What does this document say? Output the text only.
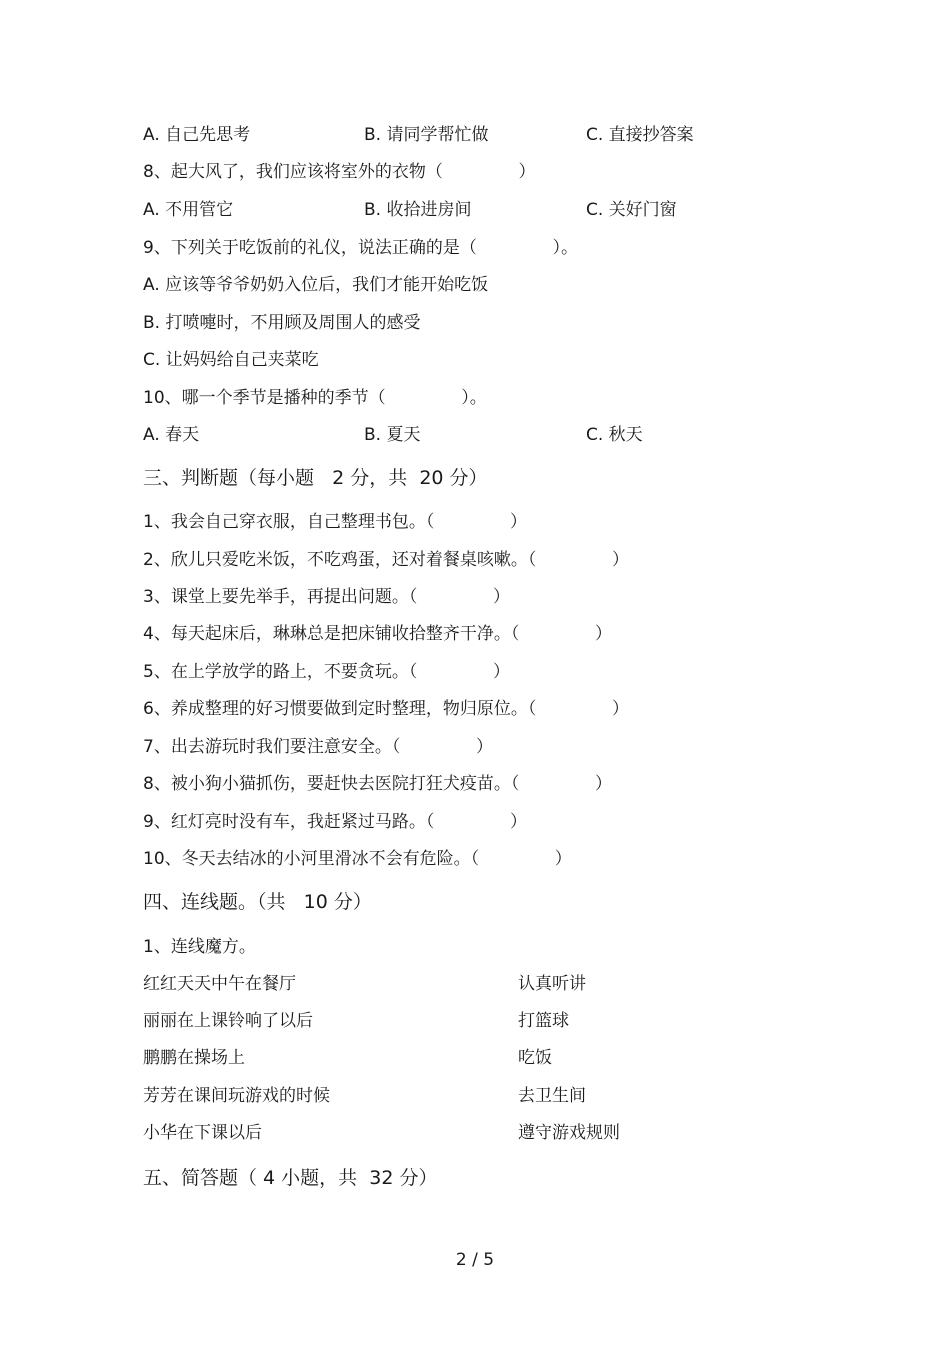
A. 自己先思考	B. 请同学帮忙做	C. 直接抄答案
8、起大风了，我们应该将室外的衣物（              ）
A. 不用管它	B. 收拾进房间	C. 关好门窗
9、下列关于吃饭前的礼仪，说法正确的是（              ）。
A. 应该等爷爷奶奶入位后，我们才能开始吃饭
B. 打喷嚏时，不用顾及周围人的感受
C. 让妈妈给自己夹菜吃
10、哪一个季节是播种的季节（              ）。
A. 春天	B. 夏天	C. 秋天
三、判断题（每小题   2 分，共  20 分）
1、我会自己穿衣服，自己整理书包。（              ）
2、欣儿只爱吃米饭，不吃鸡蛋，还对着餐桌咳嗽。（              ）
3、课堂上要先举手，再提出问题。（              ）
4、每天起床后，琳琳总是把床铺收拾整齐干净。（              ）
5、在上学放学的路上，不要贪玩。（              ）
6、养成整理的好习惯要做到定时整理，物归原位。（              ）
7、出去游玩时我们要注意安全。（              ）
8、被小狗小猫抓伤，要赶快去医院打狂犬疫苗。（              ）
9、红灯亮时没有车，我赶紧过马路。（              ）
10、冬天去结冰的小河里滑冰不会有危险。（              ）
四、连线题。（共   10 分）
1、连线魔方。
红红天天中午在餐厅	认真听讲
丽丽在上课铃响了以后	打篮球
鹏鹏在操场上	吃饭
芳芳在课间玩游戏的时候	去卫生间
小华在下课以后	遵守游戏规则
五、简答题（ 4 小题，共  32 分）
2 / 5
